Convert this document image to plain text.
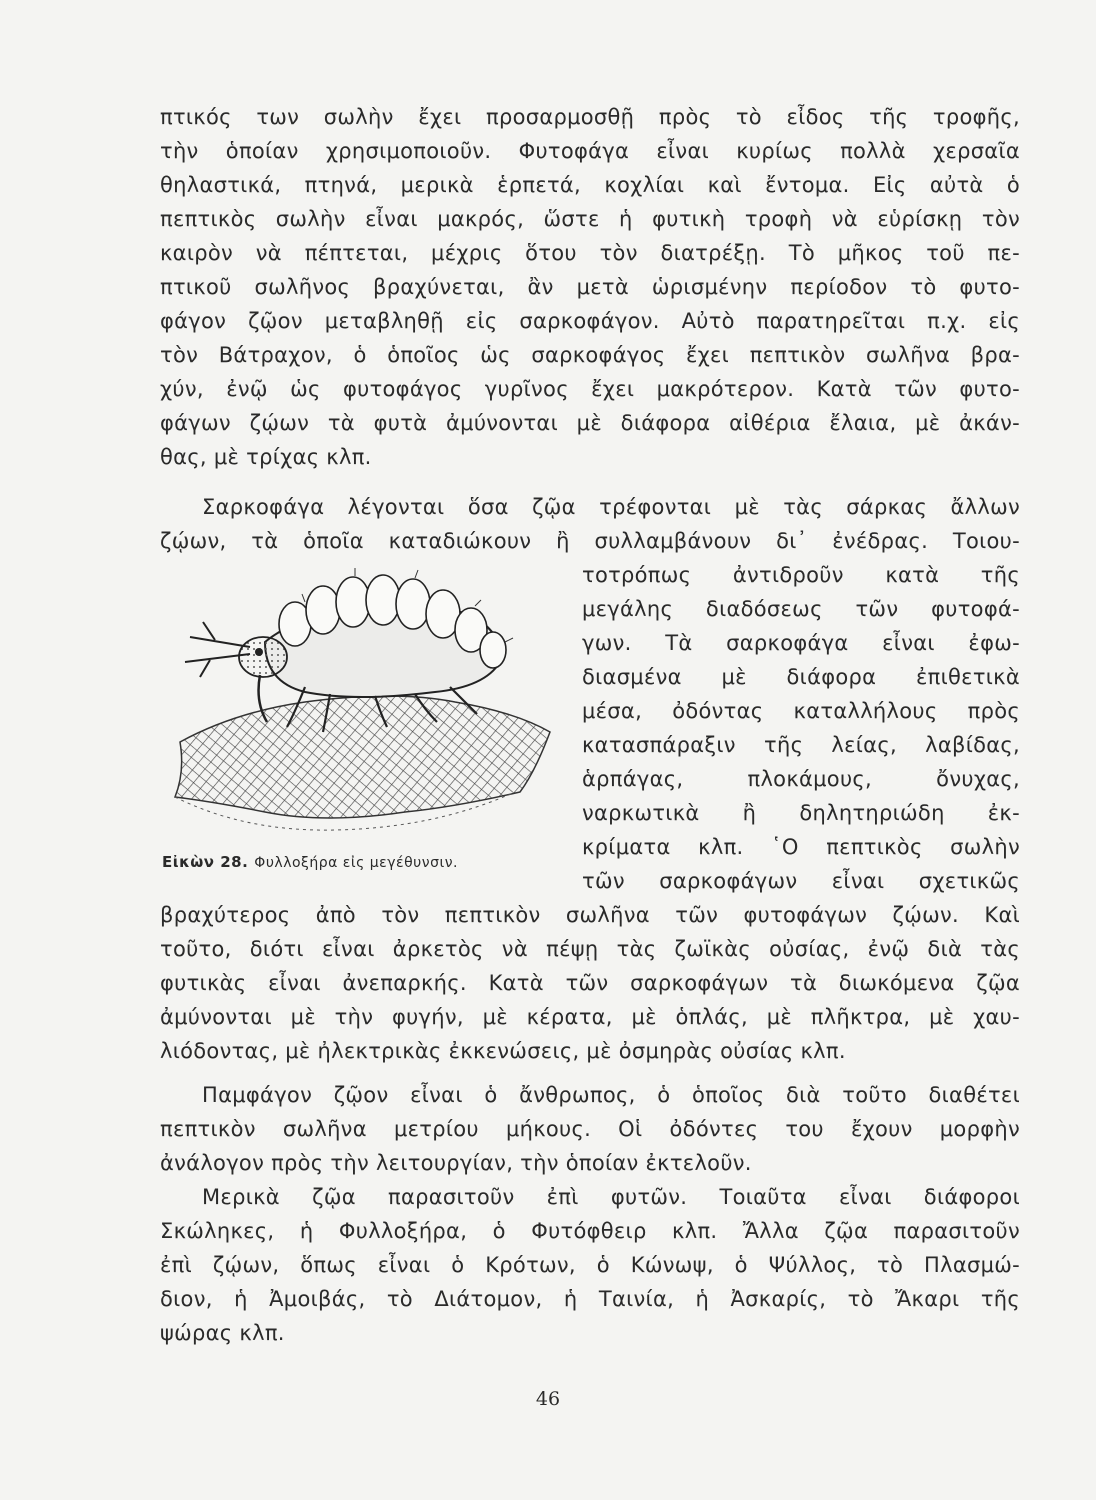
πτικός των σωλὴν ἔχει προσαρμοσθῇ πρὸς τὸ εἶδος τῆς τροφῆς,
τὴν ὁποίαν χρησιμοποιοῦν. Φυτοφάγα εἶναι κυρίως πολλὰ χερσαῖα
θηλαστικά, πτηνά, μερικὰ ἑρπετά, κοχλίαι καὶ ἔντομα. Εἰς αὐτὰ ὁ
πεπτικὸς σωλὴν εἶναι μακρός, ὥστε ἡ φυτικὴ τροφὴ νὰ εὑρίσκῃ τὸν
καιρὸν νὰ πέπτεται, μέχρις ὅτου τὸν διατρέξῃ. Τὸ μῆκος τοῦ πε-
πτικοῦ σωλῆνος βραχύνεται, ἂν μετὰ ὡρισμένην περίοδον τὸ φυτο-
φάγον ζῷον μεταβληθῇ εἰς σαρκοφάγον. Αὐτὸ παρατηρεῖται π.χ. εἰς
τὸν Βάτραχον, ὁ ὁποῖος ὡς σαρκοφάγος ἔχει πεπτικὸν σωλῆνα βρα-
χύν, ἐνῷ ὡς φυτοφάγος γυρῖνος ἔχει μακρότερον. Κατὰ τῶν φυτο-
φάγων ζῴων τὰ φυτὰ ἀμύνονται μὲ διάφορα αἰθέρια ἔλαια, μὲ ἀκάν-
θας, μὲ τρίχας κλπ.
Σαρκοφάγα λέγονται ὅσα ζῷα τρέφονται μὲ τὰς σάρκας ἄλλων
ζῴων, τὰ ὁποῖα καταδιώκουν ἢ συλλαμβάνουν δι᾽ ἐνέδρας. Τοιου-
τοτρόπως ἀντιδροῦν κατὰ τῆς
μεγάλης διαδόσεως τῶν φυτοφά-
γων. Τὰ σαρκοφάγα εἶναι ἐφω-
διασμένα μὲ διάφορα ἐπιθετικὰ
μέσα, ὀδόντας καταλλήλους πρὸς
κατασπάραξιν τῆς λείας, λαβίδας,
ἁρπάγας, πλοκάμους, ὄνυχας,
ναρκωτικὰ ἢ δηλητηριώδη ἐκ-
κρίματα κλπ. ῾Ο πεπτικὸς σωλὴν
τῶν σαρκοφάγων εἶναι σχετικῶς
βραχύτερος ἀπὸ τὸν πεπτικὸν σωλῆνα τῶν φυτοφάγων ζῴων. Καὶ
τοῦτο, διότι εἶναι ἀρκετὸς νὰ πέψῃ τὰς ζωϊκὰς οὐσίας, ἐνῷ διὰ τὰς
φυτικὰς εἶναι ἀνεπαρκής. Κατὰ τῶν σαρκοφάγων τὰ διωκόμενα ζῷα
ἀμύνονται μὲ τὴν φυγήν, μὲ κέρατα, μὲ ὁπλάς, μὲ πλῆκτρα, μὲ χαυ-
λιόδοντας, μὲ ἠλεκτρικὰς ἐκκενώσεις, μὲ ὀσμηρὰς οὐσίας κλπ.
Παμφάγον ζῷον εἶναι ὁ ἄνθρωπος, ὁ ὁποῖος διὰ τοῦτο διαθέτει
πεπτικὸν σωλῆνα μετρίου μήκους. Οἱ ὀδόντες του ἔχουν μορφὴν
ἀνάλογον πρὸς τὴν λειτουργίαν, τὴν ὁποίαν ἐκτελοῦν.
Μερικὰ ζῷα παρασιτοῦν ἐπὶ φυτῶν. Τοιαῦτα εἶναι διάφοροι
Σκώληκες, ἡ Φυλλοξήρα, ὁ Φυτόφθειρ κλπ. Ἄλλα ζῷα παρασιτοῦν
ἐπὶ ζῴων, ὅπως εἶναι ὁ Κρότων, ὁ Κώνωψ, ὁ Ψύλλος, τὸ Πλασμώ-
διον, ἡ Ἀμοιβάς, τὸ Διάτομον, ἡ Ταινία, ἡ Ἀσκαρίς, τὸ Ἄκαρι τῆς
ψώρας κλπ.
Εἰκὼν 28. Φυλλοξήρα εἰς μεγέθυνσιν.
46
